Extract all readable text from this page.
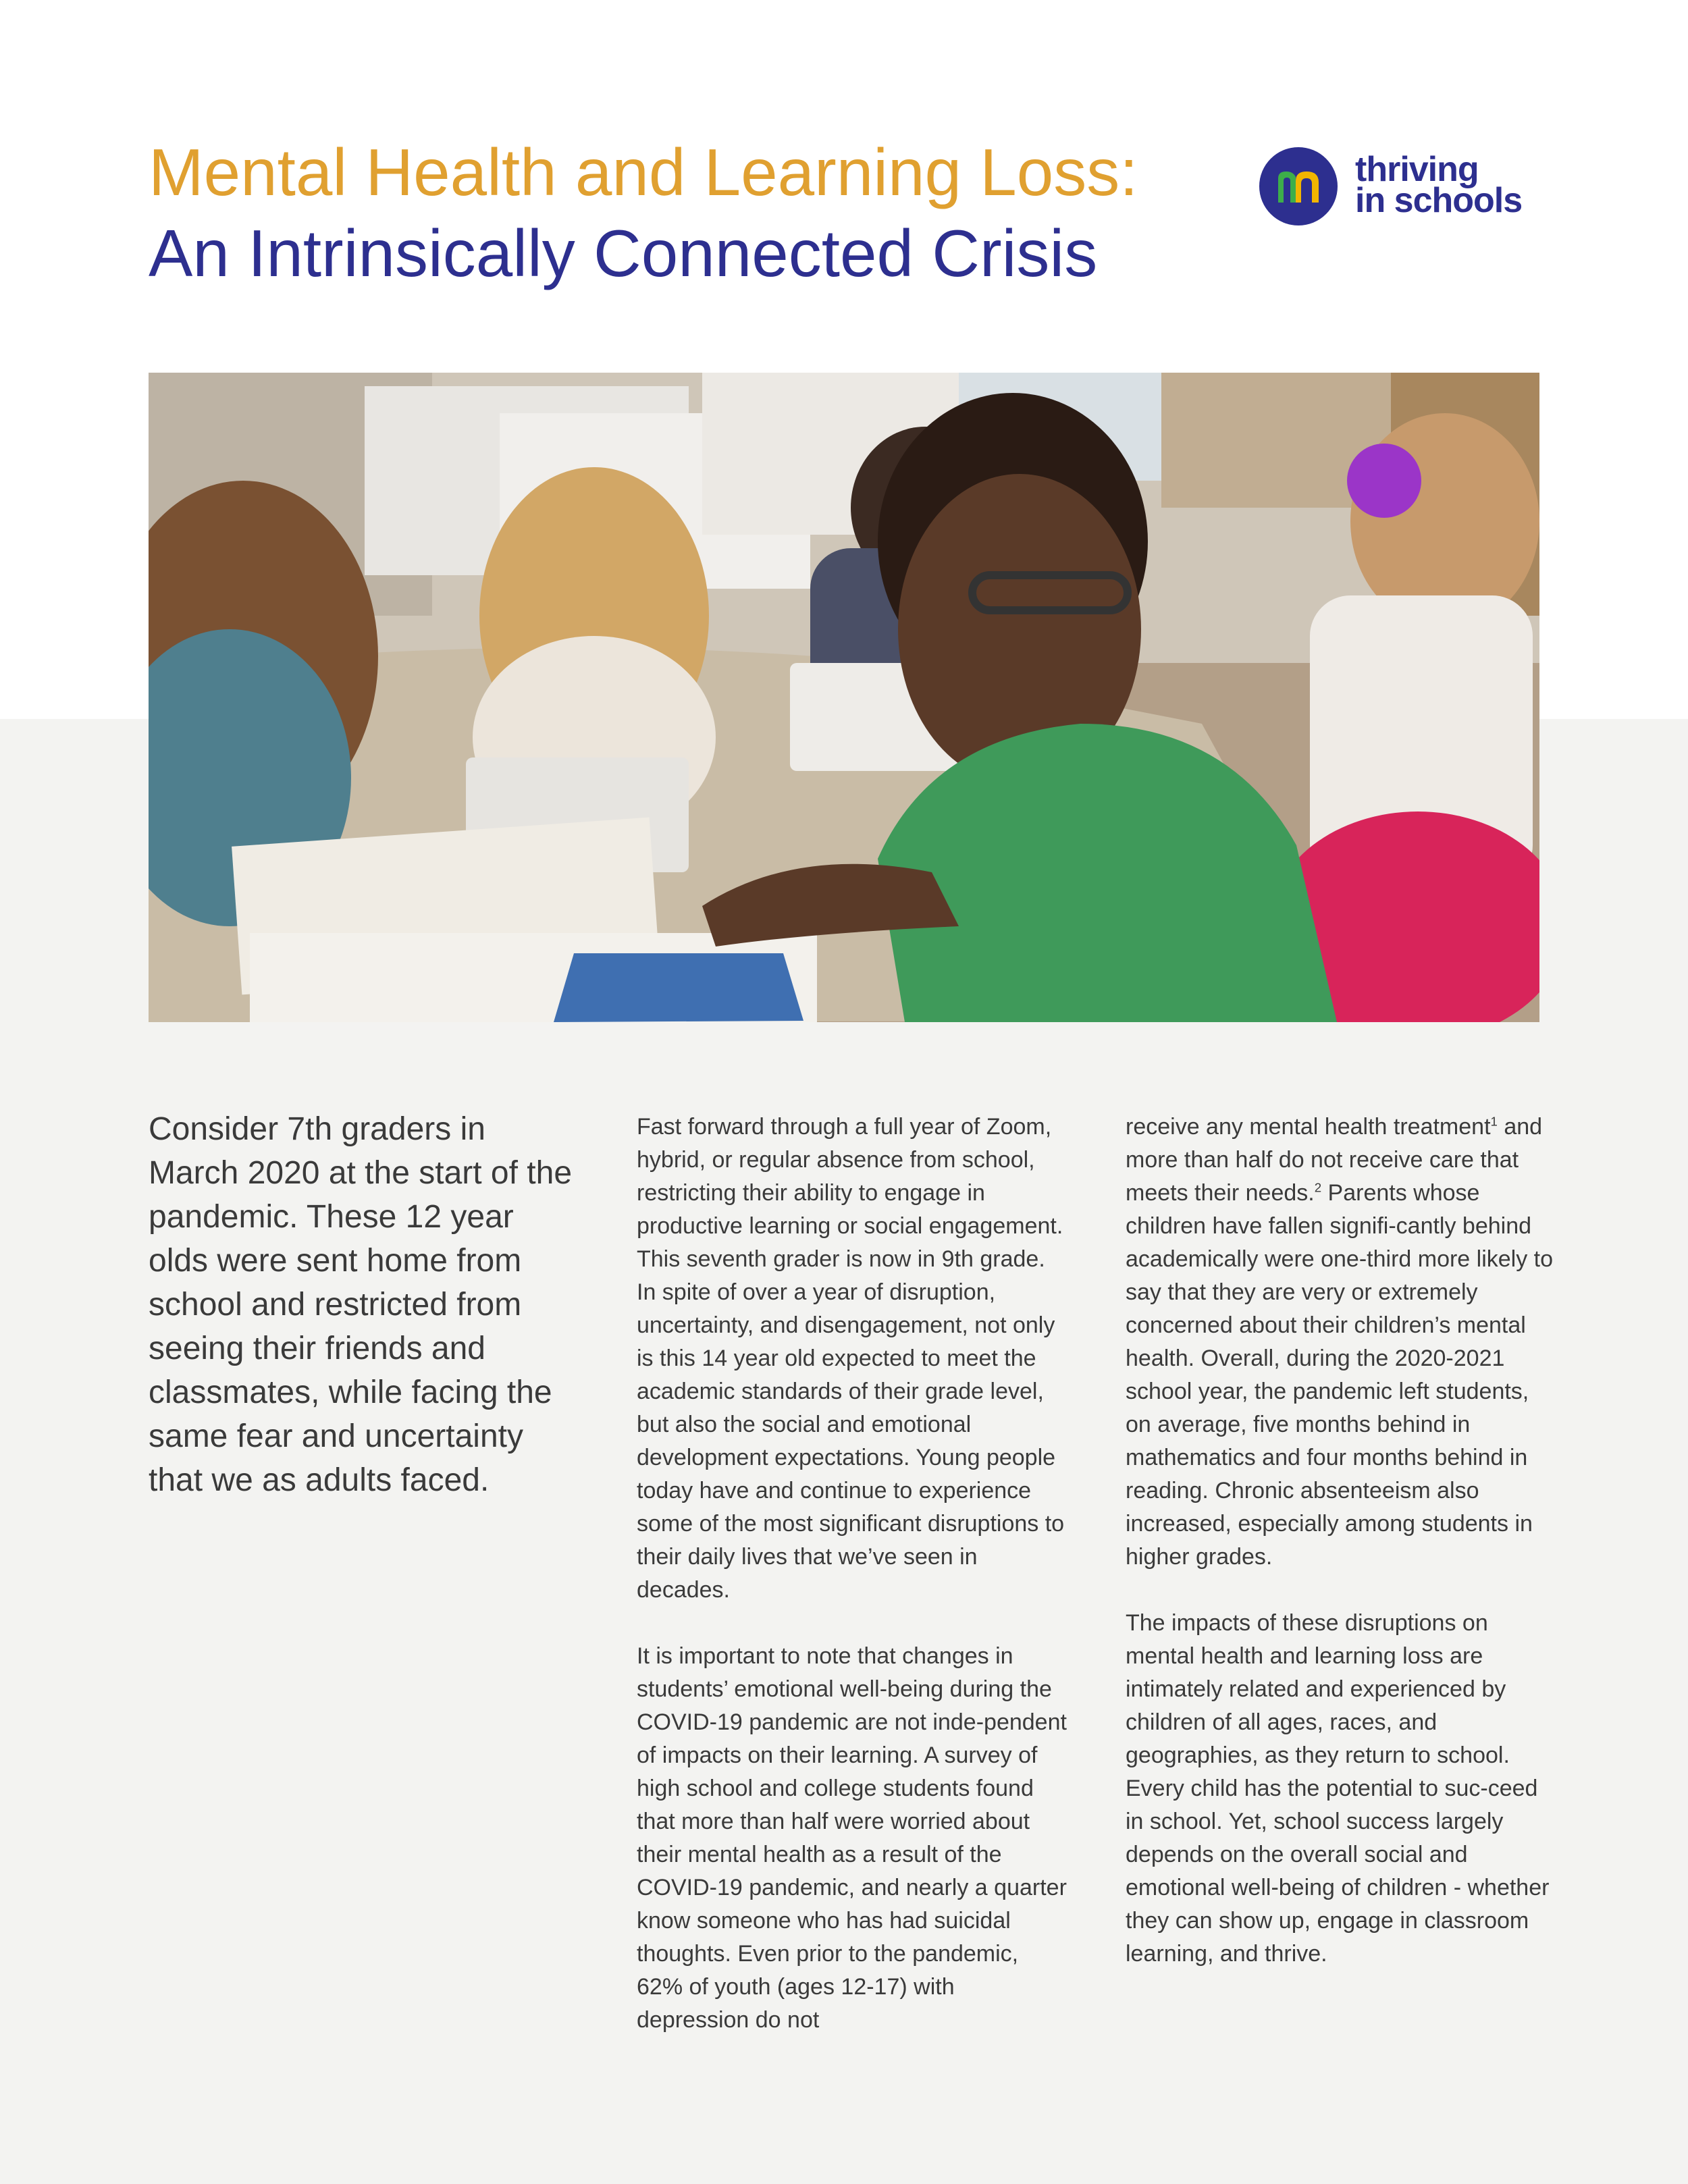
Mental Health and Learning Loss:
An Intrinsically Connected Crisis
thriving
in schools

Consider 7th graders in March 2020 at the start of the pandemic. These 12 year olds were sent home from school and restricted from seeing their friends and classmates, while facing the same fear and uncertainty that we as adults faced.

Fast forward through a full year of Zoom, hybrid, or regular absence from school, restricting their ability to engage in productive learning or social engagement. This seventh grader is now in 9th grade. In spite of over a year of disruption, uncertainty, and disengagement, not only is this 14 year old expected to meet the academic standards of their grade level, but also the social and emotional development expectations. Young people today have and continue to experience some of the most significant disruptions to their daily lives that we’ve seen in decades.

It is important to note that changes in students’ emotional well-being during the COVID-19 pandemic are not inde-pendent of impacts on their learning. A survey of high school and college students found that more than half were worried about their mental health as a result of the COVID-19 pandemic, and nearly a quarter know someone who has had suicidal thoughts. Even prior to the pandemic, 62% of youth (ages 12-17) with depression do not

receive any mental health treatment$^1$ and more than half do not receive care that meets their needs.$^2$ Parents whose children have fallen signifi-cantly behind academically were one-third more likely to say that they are very or extremely concerned about their children’s mental health. Overall, during the 2020-2021 school year, the pandemic left students, on average, five months behind in mathematics and four months behind in reading. Chronic absenteeism also increased, especially among students in higher grades.

The impacts of these disruptions on mental health and learning loss are intimately related and experienced by children of all ages, races, and geographies, as they return to school. Every child has the potential to suc-ceed in school. Yet, school success largely depends on the overall social and emotional well-being of children - whether they can show up, engage in classroom learning, and thrive.
